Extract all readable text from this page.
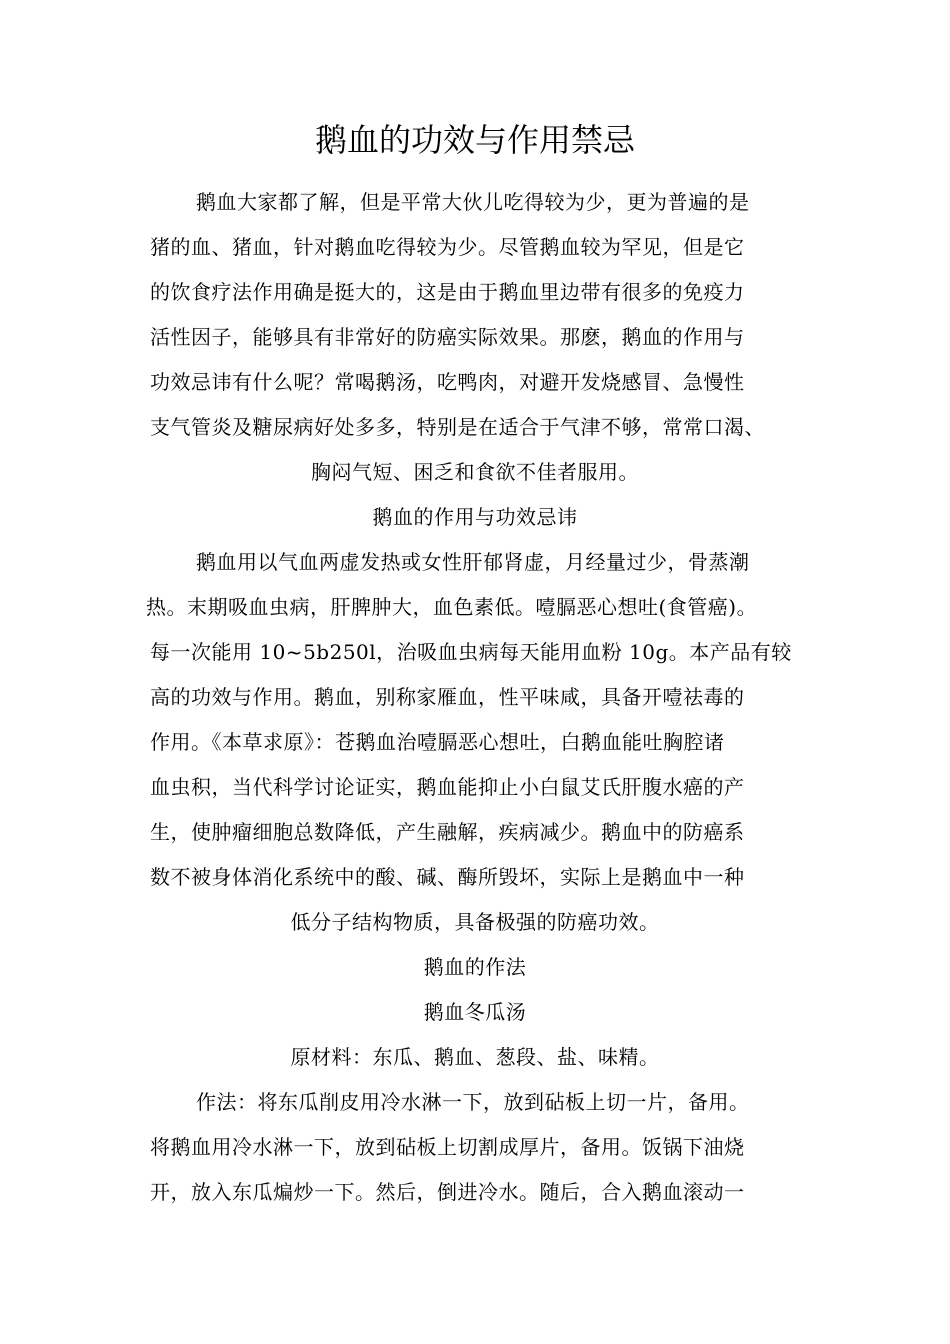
鹅血的功效与作用禁忌
鹅血大家都了解，但是平常大伙儿吃得较为少，更为普遍的是
猪的血、猪血，针对鹅血吃得较为少。尽管鹅血较为罕见，但是它
的饮食疗法作用确是挺大的，这是由于鹅血里边带有很多的免疫力
活性因子，能够具有非常好的防癌实际效果。那麽，鹅血的作用与
功效忌讳有什么呢？常喝鹅汤，吃鸭肉，对避开发烧感冒、急慢性
支气管炎及糖尿病好处多多，特别是在适合于气津不够，常常口渴、
胸闷气短、困乏和食欲不佳者服用。
鹅血的作用与功效忌讳
鹅血用以气血两虚发热或女性肝郁肾虚，月经量过少，骨蒸潮
热。末期吸血虫病，肝脾肿大，血色素低。噎膈恶心想吐(食管癌)。
每一次能用 10~5b250l，治吸血虫病每天能用血粉 10g。本产品有较
高的功效与作用。鹅血，别称家雁血，性平味咸，具备开噎祛毒的
作用。《本草求原》：苍鹅血治噎膈恶心想吐，白鹅血能吐胸腔诸
血虫积，当代科学讨论证实，鹅血能抑止小白鼠艾氏肝腹水癌的产
生，使肿瘤细胞总数降低，产生融解，疾病减少。鹅血中的防癌系
数不被身体消化系统中的酸、碱、酶所毁坏，实际上是鹅血中一种
低分子结构物质，具备极强的防癌功效。
鹅血的作法
鹅血冬瓜汤
原材料：东瓜、鹅血、葱段、盐、味精。
作法：将东瓜削皮用冷水淋一下，放到砧板上切一片，备用。
将鹅血用冷水淋一下，放到砧板上切割成厚片，备用。饭锅下油烧
开，放入东瓜煸炒一下。然后，倒进冷水。随后，合入鹅血滚动一
